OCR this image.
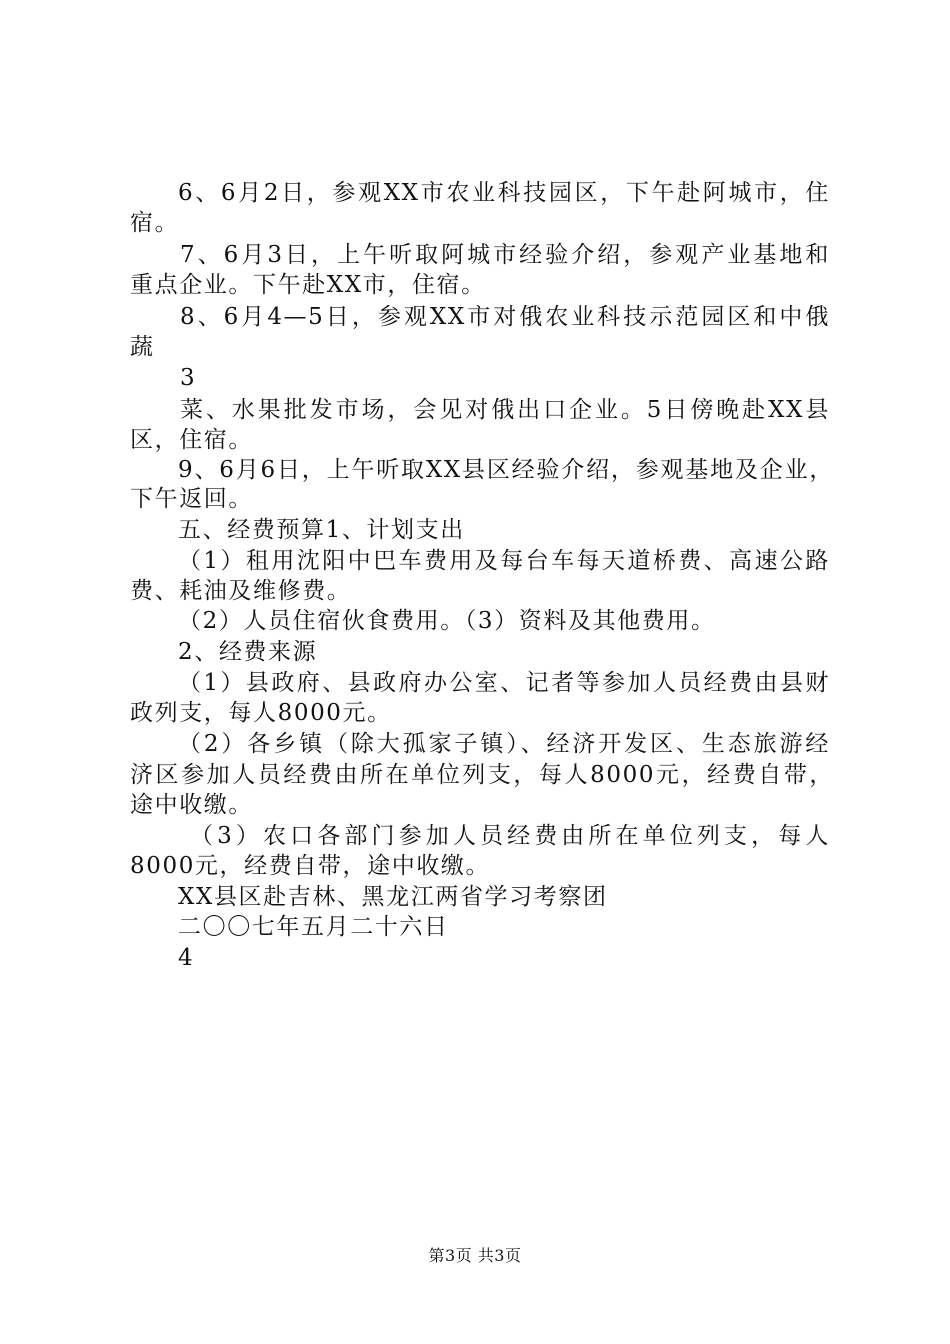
6、6月2日，参观XX市农业科技园区，下午赴阿城市，住
宿。
7、6月3日，上午听取阿城市经验介绍，参观产业基地和
重点企业。下午赴XX市，住宿。
8、6月4—5日，参观XX市对俄农业科技示范园区和中俄
蔬
3
菜、水果批发市场，会见对俄出口企业。5日傍晚赴XX县
区，住宿。
9、6月6日，上午听取XX县区经验介绍，参观基地及企业，
下午返回。
五、经费预算1、计划支出
（1）租用沈阳中巴车费用及每台车每天道桥费、高速公路
费、耗油及维修费。
（2）人员住宿伙食费用。（3）资料及其他费用。
2、经费来源
（1）县政府、县政府办公室、记者等参加人员经费由县财
政列支，每人8000元。
（2）各乡镇（除大孤家子镇）、经济开发区、生态旅游经
济区参加人员经费由所在单位列支，每人8000元，经费自带，
途中收缴。
（3）农口各部门参加人员经费由所在单位列支，每人
8000元，经费自带，途中收缴。
XX县区赴吉林、黑龙江两省学习考察团
二〇〇七年五月二十六日
4
第3页 共3页
